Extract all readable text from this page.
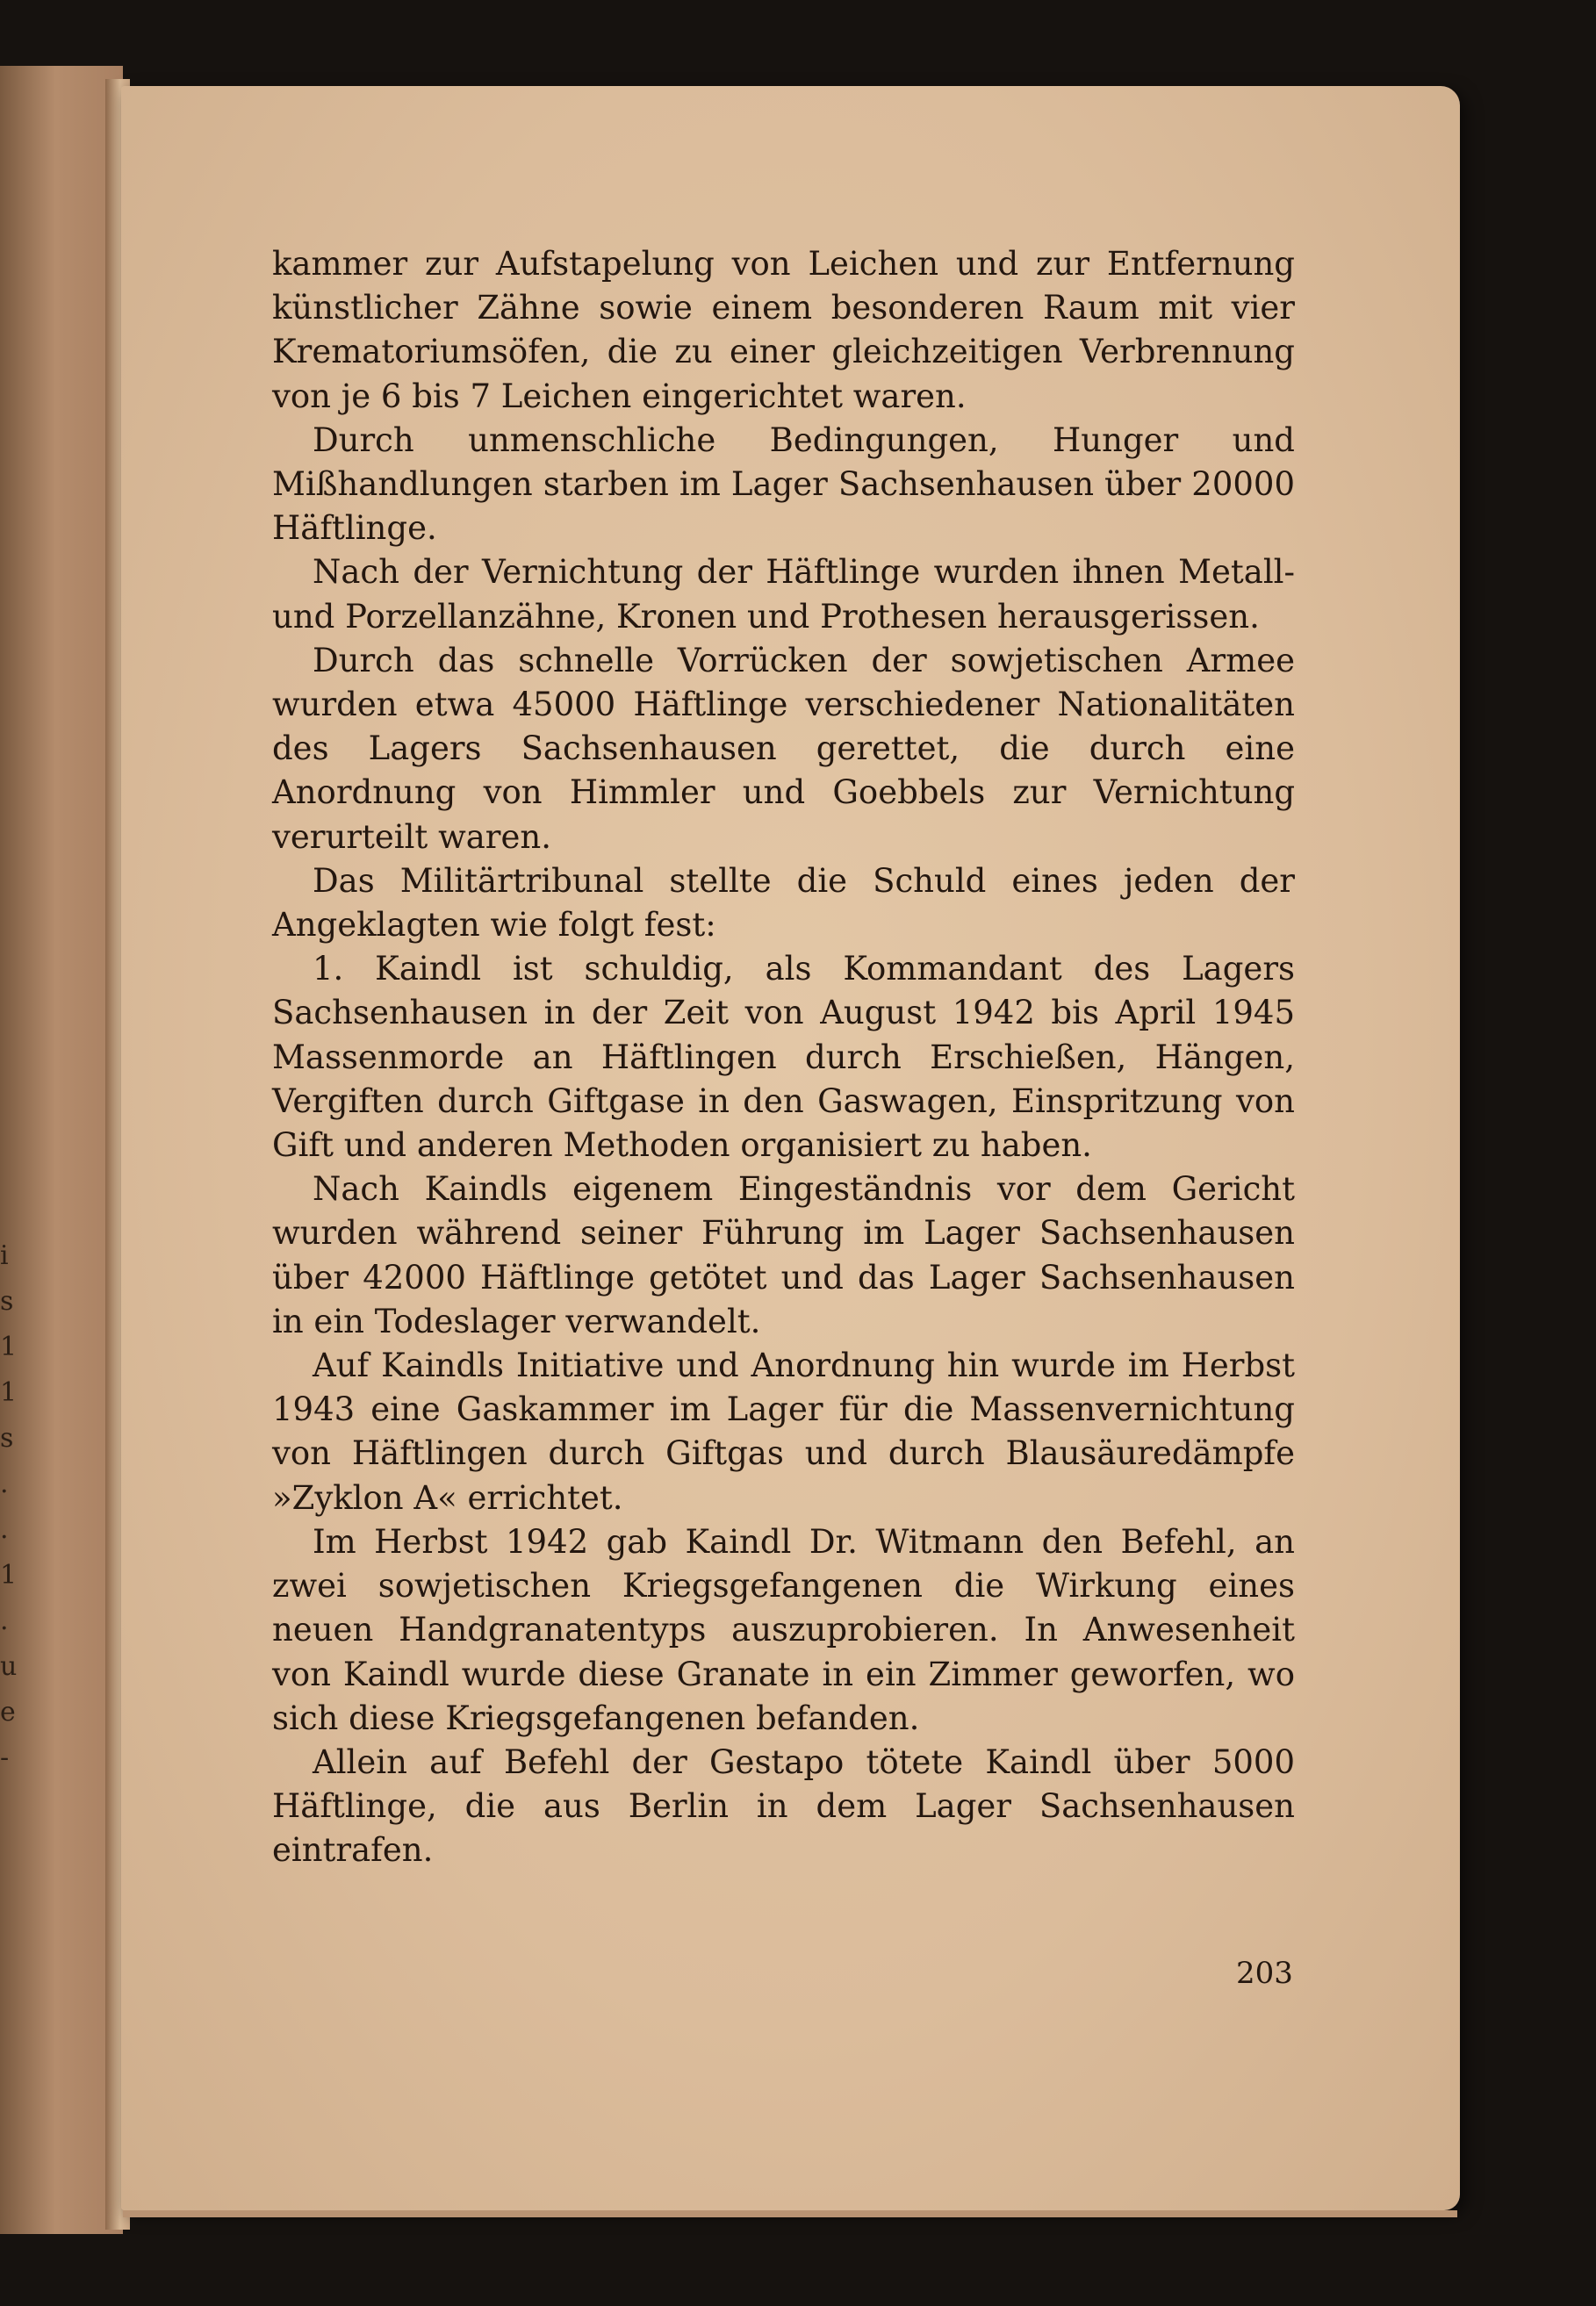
i
s
1
1
s
.
.
1
.
u
e
-

kammer zur Aufstapelung von Leichen und zur Entfernung künstlicher Zähne sowie einem besonderen Raum mit vier Krematoriumsöfen, die zu einer gleichzeitigen Verbrennung von je 6 bis 7 Leichen eingerichtet waren.

Durch unmenschliche Bedingungen, Hunger und Mißhandlungen starben im Lager Sachsenhausen über 20000 Häftlinge.

Nach der Vernichtung der Häftlinge wurden ihnen Metall- und Porzellanzähne, Kronen und Prothesen herausgerissen.

Durch das schnelle Vorrücken der sowjetischen Armee wurden etwa 45000 Häftlinge verschiedener Nationalitäten des Lagers Sachsenhausen gerettet, die durch eine Anordnung von Himmler und Goebbels zur Vernichtung verurteilt waren.

Das Militärtribunal stellte die Schuld eines jeden der Angeklagten wie folgt fest:

1. Kaindl ist schuldig, als Kommandant des Lagers Sachsenhausen in der Zeit von August 1942 bis April 1945 Massenmorde an Häftlingen durch Erschießen, Hängen, Vergiften durch Giftgase in den Gaswagen, Einspritzung von Gift und anderen Methoden organisiert zu haben.

Nach Kaindls eigenem Eingeständnis vor dem Gericht wurden während seiner Führung im Lager Sachsenhausen über 42000 Häftlinge getötet und das Lager Sachsenhausen in ein Todeslager verwandelt.

Auf Kaindls Initiative und Anordnung hin wurde im Herbst 1943 eine Gaskammer im Lager für die Massenvernichtung von Häftlingen durch Giftgas und durch Blausäuredämpfe »Zyklon A« errichtet.

Im Herbst 1942 gab Kaindl Dr. Witmann den Befehl, an zwei sowjetischen Kriegsgefangenen die Wirkung eines neuen Handgranatentyps auszuprobieren. In Anwesenheit von Kaindl wurde diese Granate in ein Zimmer geworfen, wo sich diese Kriegsgefangenen befanden.

Allein auf Befehl der Gestapo tötete Kaindl über 5000 Häftlinge, die aus Berlin in dem Lager Sachsenhausen eintrafen.

203
